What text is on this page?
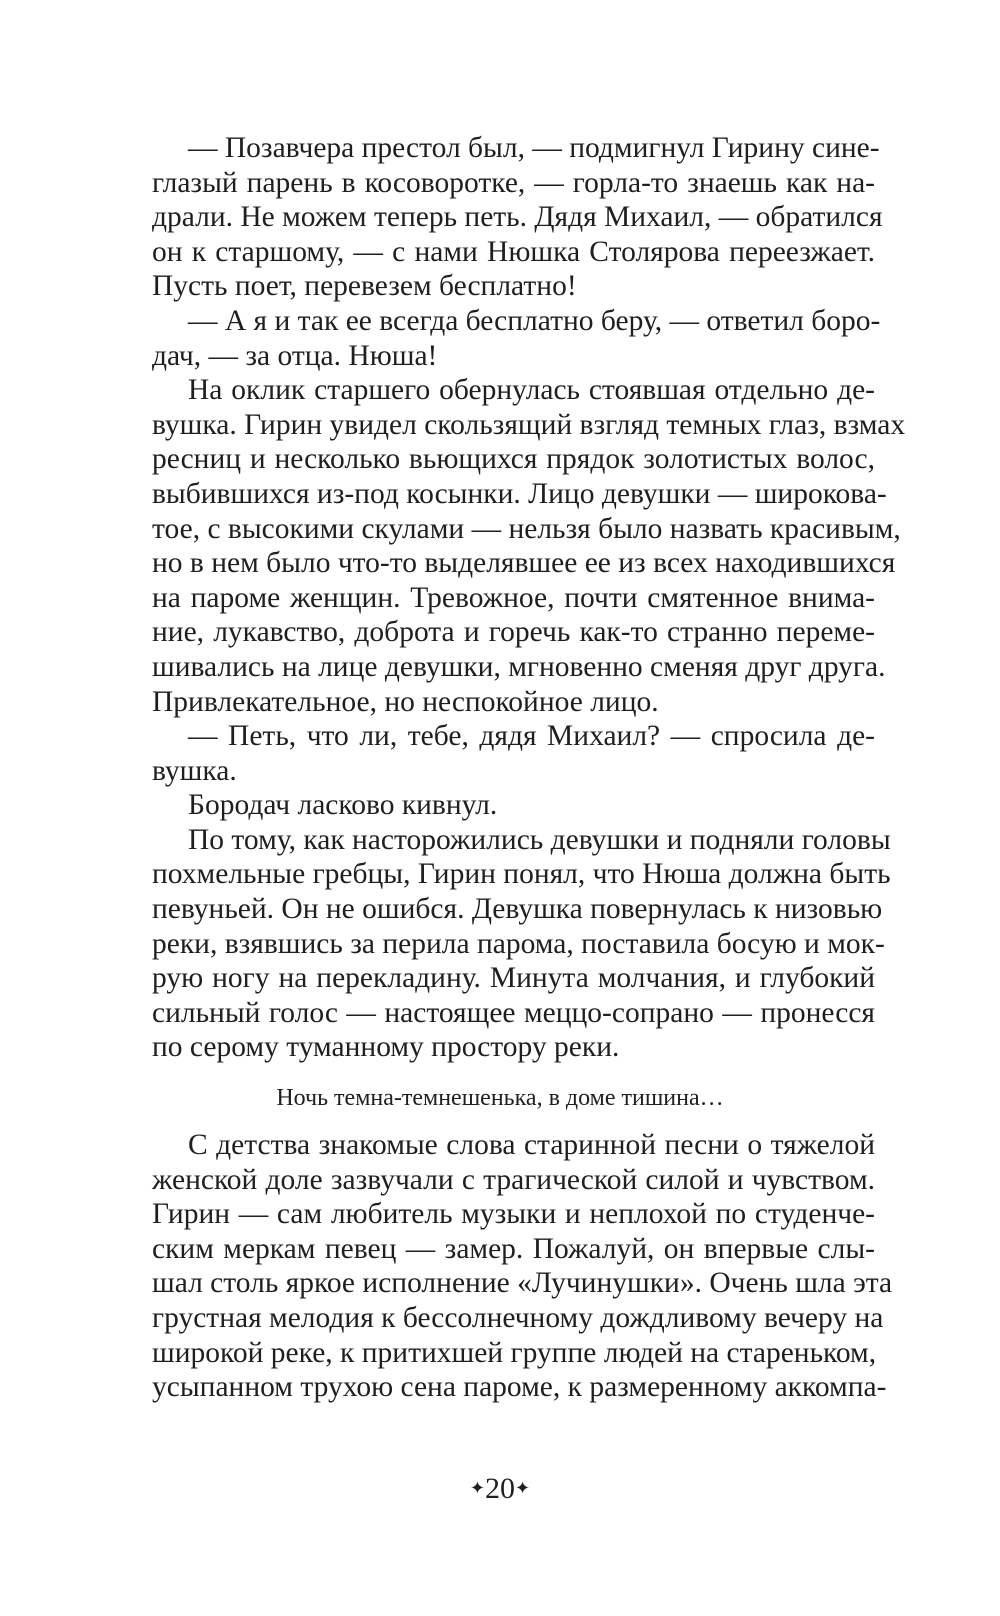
— Позавчера престол был, — подмигнул Гирину сине-
глазый парень в косоворотке, — горла-то знаешь как на-
драли. Не можем теперь петь. Дядя Михаил, — обратился
он к старшому, — с нами Нюшка Столярова переезжает.
Пусть поет, перевезем бесплатно!
— А я и так ее всегда бесплатно беру, — ответил боро-
дач, — за отца. Нюша!
На оклик старшего обернулась стоявшая отдельно де-
вушка. Гирин увидел скользящий взгляд темных глаз, взмах
ресниц и несколько вьющихся прядок золотистых волос,
выбившихся из-под косынки. Лицо девушки — широкова-
тое, с высокими скулами — нельзя было назвать красивым,
но в нем было что-то выделявшее ее из всех находившихся
на пароме женщин. Тревожное, почти смятенное внима-
ние, лукавство, доброта и горечь как-то странно переме-
шивались на лице девушки, мгновенно сменяя друг друга.
Привлекательное, но неспокойное лицо.
— Петь, что ли, тебе, дядя Михаил? — спросила де-
вушка.
Бородач ласково кивнул.
По тому, как насторожились девушки и подняли головы
похмельные гребцы, Гирин понял, что Нюша должна быть
певуньей. Он не ошибся. Девушка повернулась к низовью
реки, взявшись за перила парома, поставила босую и мок-
рую ногу на перекладину. Минута молчания, и глубокий
сильный голос — настоящее меццо-сопрано — пронесся
по серому туманному простору реки.
Ночь темна-темнешенька, в доме тишина…
С детства знакомые слова старинной песни о тяжелой
женской доле зазвучали с трагической силой и чувством.
Гирин — сам любитель музыки и неплохой по студенче-
ским меркам певец — замер. Пожалуй, он впервые слы-
шал столь яркое исполнение «Лучинушки». Очень шла эта
грустная мелодия к бессолнечному дождливому вечеру на
широкой реке, к притихшей группе людей на стареньком,
усыпанном трухою сена пароме, к размеренному аккомпа-
✦20✦
